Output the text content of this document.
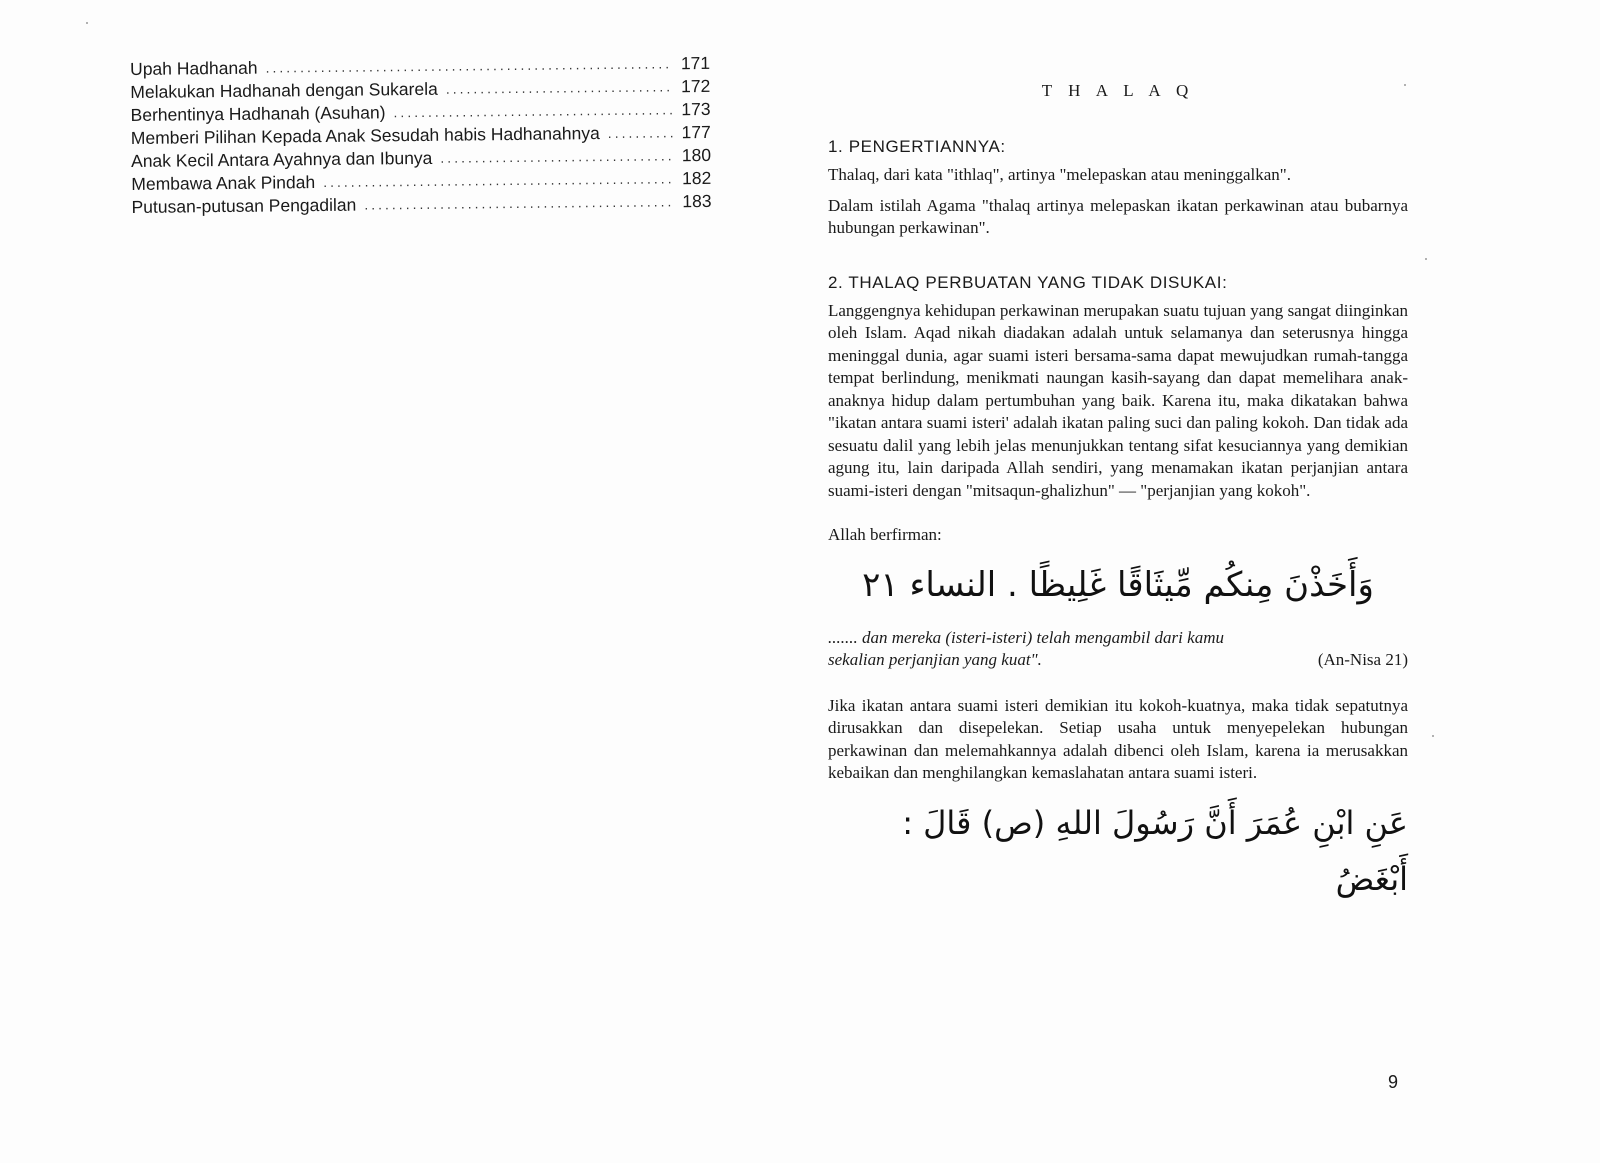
Upah Hadhanah .....	171
Melakukan Hadhanah dengan Sukarela .....	172
Berhentinya Hadhanah (Asuhan) .....	173
Memberi Pilihan Kepada Anak Sesudah habis Hadhanahnya .....	177
Anak Kecil Antara Ayahnya dan Ibunya .....	180
Membawa Anak Pindah .....	182
Putusan-putusan Pengadilan .....	183
T H A L A Q
1. PENGERTIANNYA:

Thalaq, dari kata "ithlaq", artinya "melepaskan atau meninggalkan".

Dalam istilah Agama "thalaq artinya melepaskan ikatan perkawinan atau bubarnya hubungan perkawinan".

2. THALAQ PERBUATAN YANG TIDAK DISUKAI:

Langgengnya kehidupan perkawinan merupakan suatu tujuan yang sangat diinginkan oleh Islam. Aqad nikah diadakan adalah untuk selamanya dan seterusnya hingga meninggal dunia, agar suami isteri bersama-sama dapat mewujudkan rumah-tangga tempat berlindung, menikmati naungan kasih-sayang dan dapat memelihara anak-anaknya hidup dalam pertumbuhan yang baik. Karena itu, maka dikatakan bahwa "ikatan antara suami isteri' adalah ikatan paling suci dan paling kokoh. Dan tidak ada sesuatu dalil yang lebih jelas menunjukkan tentang sifat kesuciannya yang demikian agung itu, lain daripada Allah sendiri, yang menamakan ikatan perjanjian antara suami-isteri dengan "mitsaqun-ghalizhun" — "perjanjian yang kokoh".

Allah berfirman:

وَأَخَذْنَ مِنكُم مِّيثَاقًا غَلِيظًا . النساء ٢١
....... dan mereka (isteri-isteri) telah mengambil dari kamu
sekalian perjanjian yang kuat".	(An-Nisa 21)

Jika ikatan antara suami isteri demikian itu kokoh-kuatnya, maka tidak sepatutnya dirusakkan dan disepelekan. Setiap usaha untuk menyepelekan hubungan perkawinan dan melemahkannya adalah dibenci oleh Islam, karena ia merusakkan kebaikan dan menghilangkan kemaslahatan antara suami isteri.

عَنِ ابْنِ عُمَرَ أَنَّ رَسُولَ اللهِ (ص) قَالَ : أَبْغَضُ
9
